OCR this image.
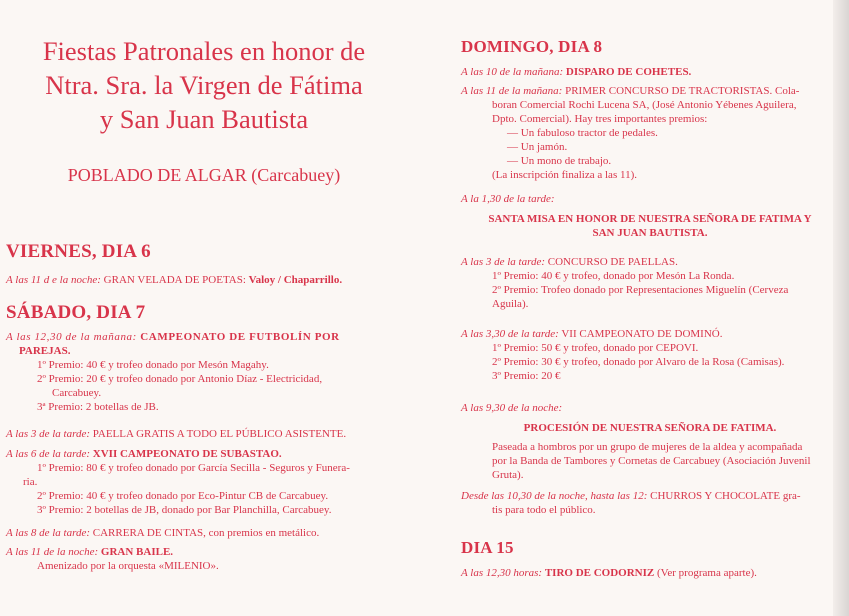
Fiestas Patronales en honor de
Ntra. Sra. la Virgen de Fátima
y San Juan Bautista
POBLADO DE ALGAR (Carcabuey)
VIERNES, DIA 6
A las 11 d e la noche: GRAN VELADA DE POETAS: Valoy / Chaparrillo.
SÁBADO, DIA 7
A las 12,30 de la mañana: CAMPEONATO DE FUTBOLÍN POR
PAREJAS.
1º Premio: 40 € y trofeo donado por Mesón Magahy.
2º Premio: 20 € y trofeo donado por Antonio Díaz - Electricidad,
Carcabuey.
3ª Premio: 2 botellas de JB.
A las 3 de la tarde: PAELLA GRATIS A TODO EL PÚBLICO ASISTENTE.
A las 6 de la tarde: XVII CAMPEONATO DE SUBASTAO.
1º Premio: 80 € y trofeo donado por García Secilla - Seguros y Funera-
ria.
2º Premio: 40 € y trofeo donado por Eco-Pintur CB de Carcabuey.
3º Premio: 2 botellas de JB, donado por Bar Planchilla, Carcabuey.
A las 8 de la tarde: CARRERA DE CINTAS, con premios en metálico.
A las 11 de la noche: GRAN BAILE.
Amenizado por la orquesta «MILENIO».
DOMINGO, DIA 8
A las 10 de la mañana: DISPARO DE COHETES.
A las 11 de la mañana: PRIMER CONCURSO DE TRACTORISTAS. Cola-
boran Comercial Rochi Lucena SA, (José Antonio Yébenes Aguilera,
Dpto. Comercial). Hay tres importantes premios:
— Un fabuloso tractor de pedales.
— Un jamón.
— Un mono de trabajo.
(La inscripción finaliza a las 11).
A la 1,30 de la tarde:
SANTA MISA EN HONOR DE NUESTRA SEÑORA DE FATIMA Y
SAN JUAN BAUTISTA.
A las 3 de la tarde: CONCURSO DE PAELLAS.
1º Premio: 40 € y trofeo, donado por Mesón La Ronda.
2º Premio: Trofeo donado por Representaciones Miguelín (Cerveza
Aguila).
A las 3,30 de la tarde: VII CAMPEONATO DE DOMINÓ.
1º Premio: 50 € y trofeo, donado por CEPOVI.
2º Premio: 30 € y trofeo, donado por Alvaro de la Rosa (Camisas).
3º Premio: 20 €
A las 9,30 de la noche:
PROCESIÓN DE NUESTRA SEÑORA DE FATIMA.
Paseada a hombros por un grupo de mujeres de la aldea y acompañada
por la Banda de Tambores y Cornetas de Carcabuey (Asociación Juvenil
Gruta).
Desde las 10,30 de la noche, hasta las 12: CHURROS Y CHOCOLATE gra-
tis para todo el público.
DIA 15
A las 12,30 horas: TIRO DE CODORNIZ (Ver programa aparte).
